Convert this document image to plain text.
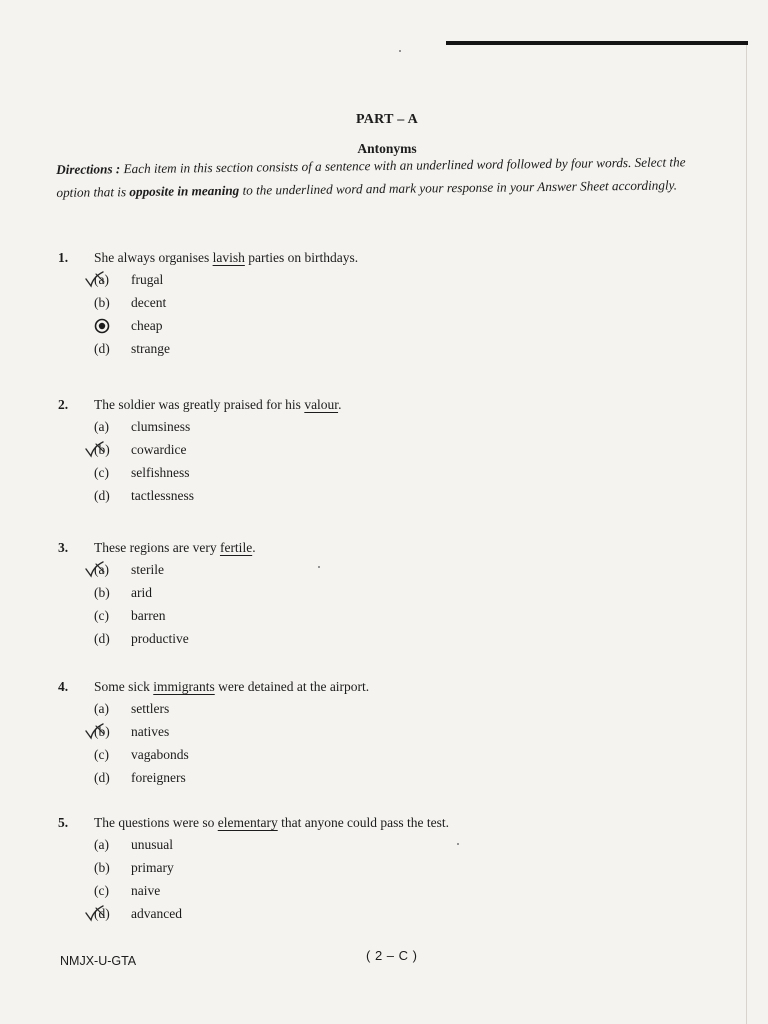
PART – A
Antonyms
Directions : Each item in this section consists of a sentence with an underlined word followed by four words. Select the option that is opposite in meaning to the underlined word and mark your response in your Answer Sheet accordingly.
1. She always organises lavish parties on birthdays.
(a) frugal
(b) decent
cheap
(d) strange
2. The soldier was greatly praised for his valour.
(a) clumsiness
(b) cowardice
(c) selfishness
(d) tactlessness
3. These regions are very fertile.
(a) sterile
(b) arid
(c) barren
(d) productive
4. Some sick immigrants were detained at the airport.
(a) settlers
(b) natives
(c) vagabonds
(d) foreigners
5. The questions were so elementary that anyone could pass the test.
(a) unusual
(b) primary
(c) naive
(d) advanced
NMJX-U-GTA	( 2 – C )
